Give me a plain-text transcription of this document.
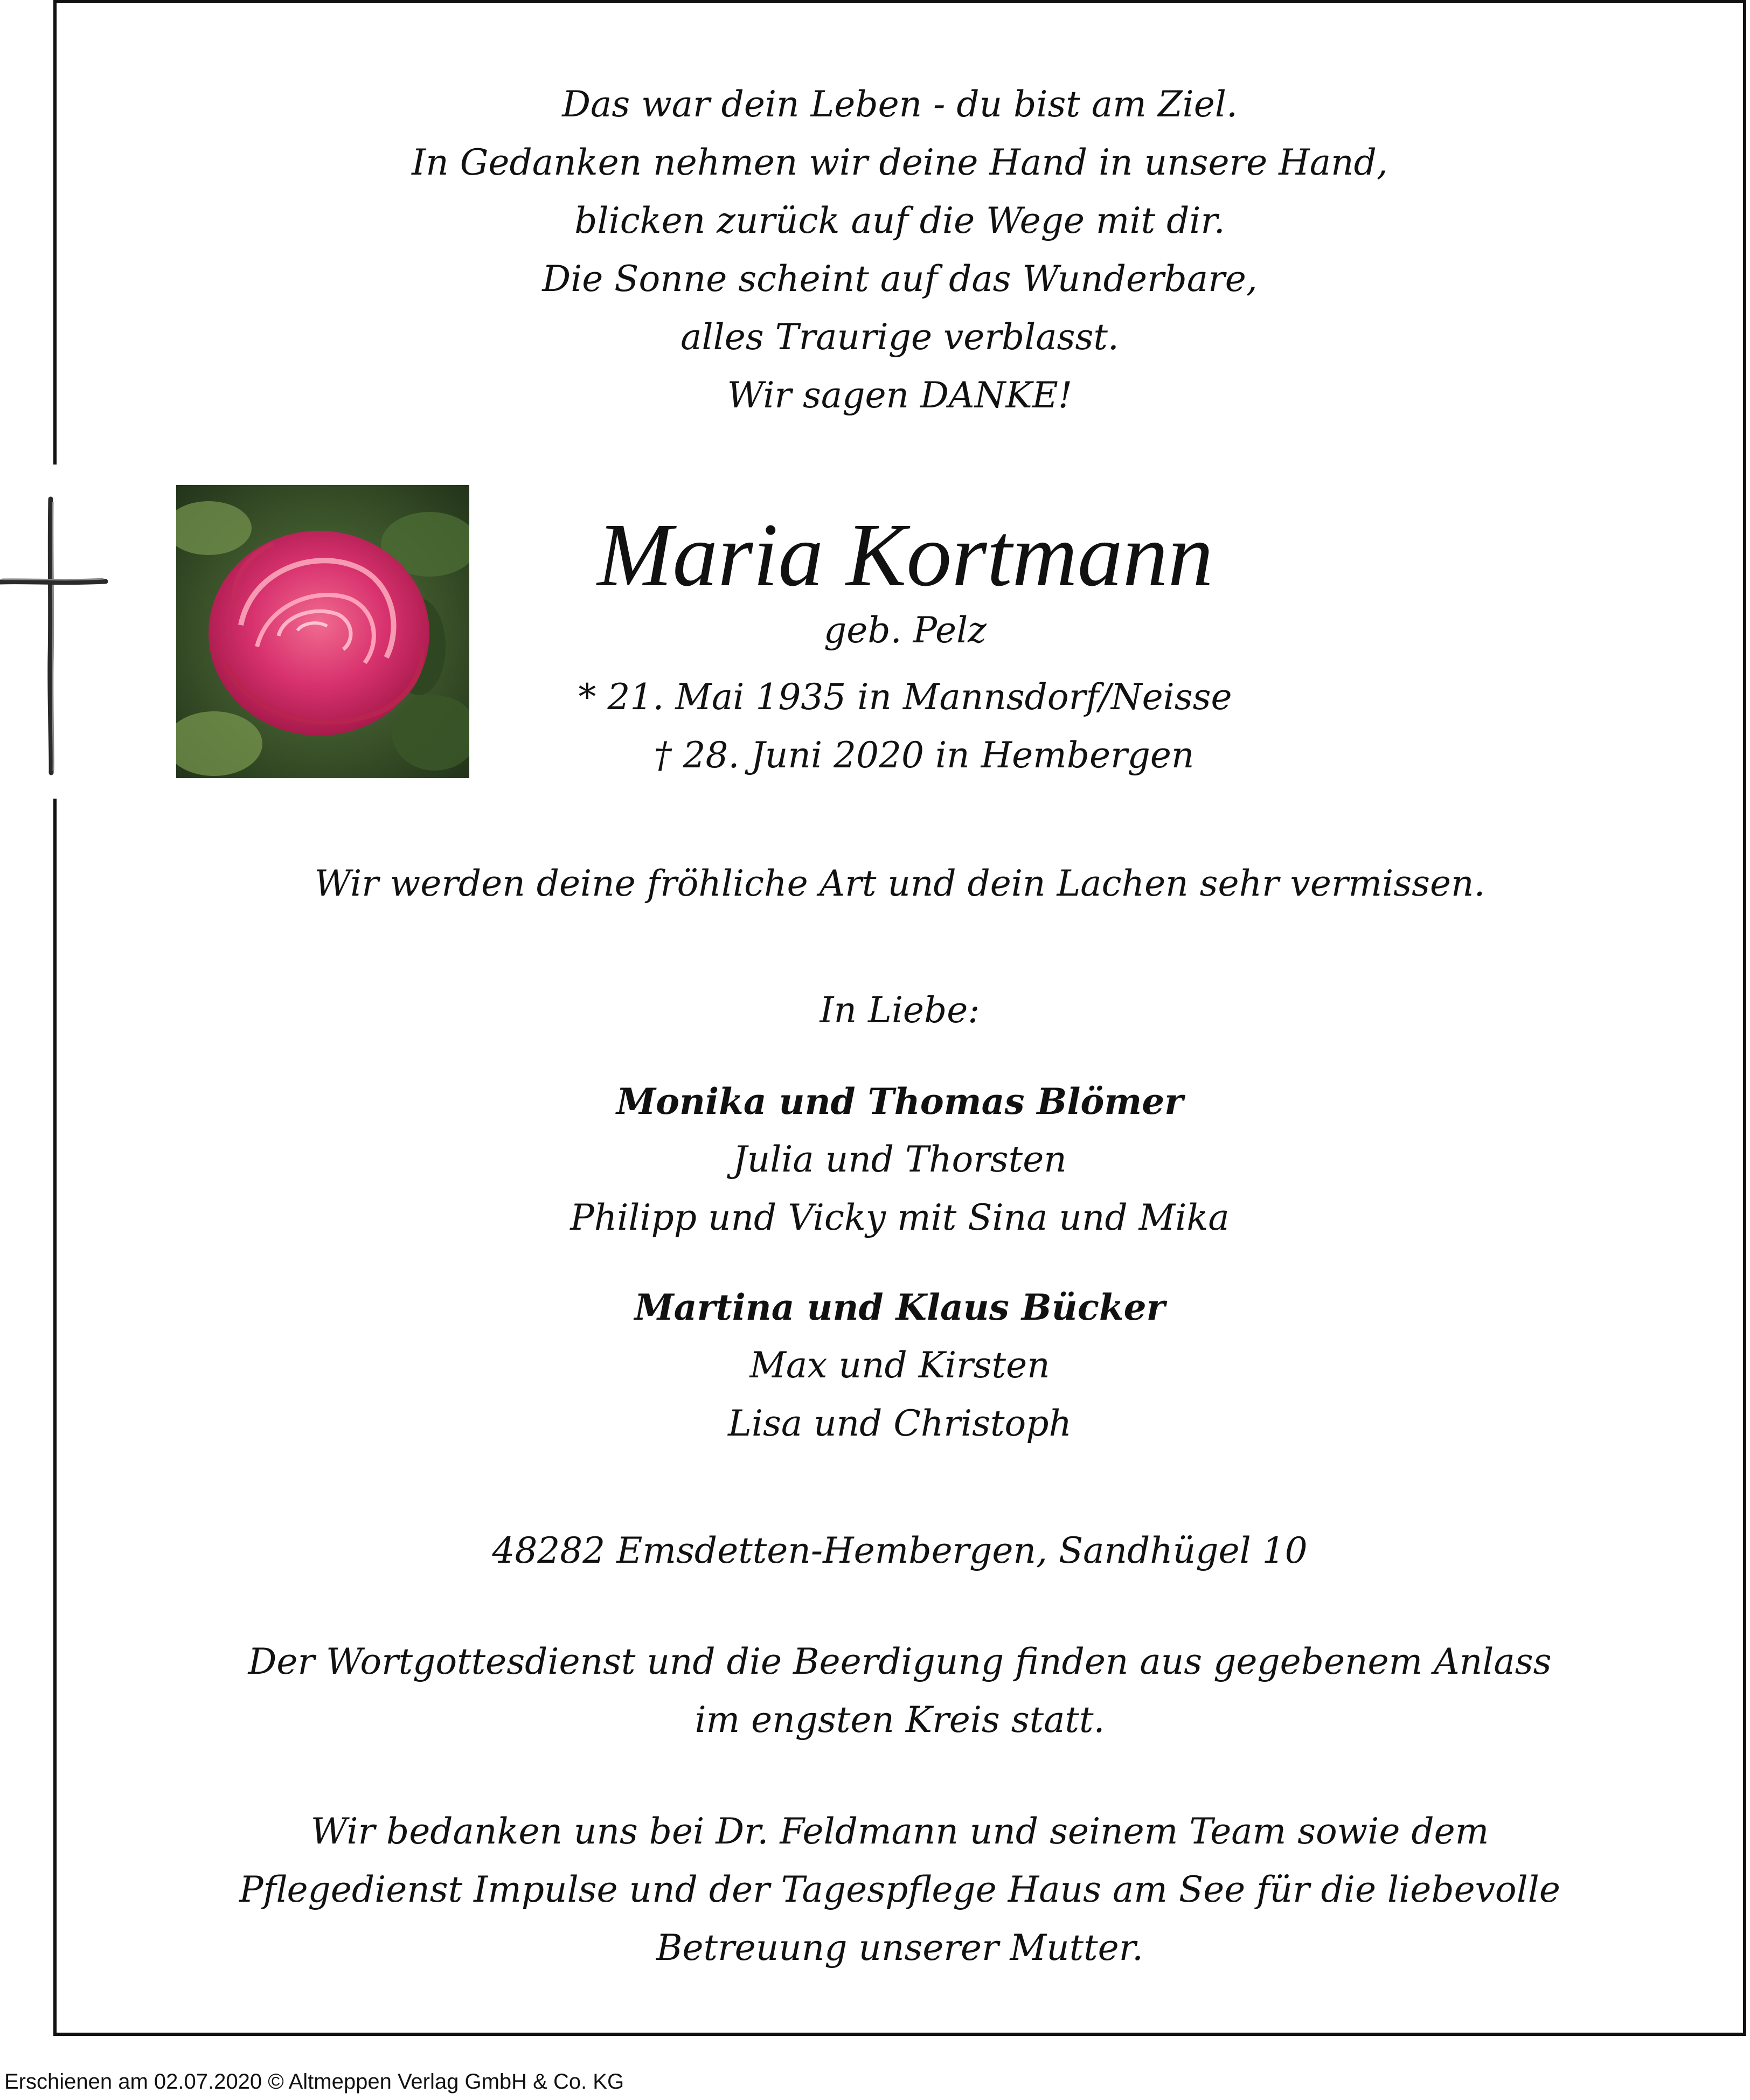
Das war dein Leben - du bist am Ziel.
In Gedanken nehmen wir deine Hand in unsere Hand,
blicken zurück auf die Wege mit dir.
Die Sonne scheint auf das Wunderbare,
alles Traurige verblasst.
Wir sagen DANKE!
Maria Kortmann
geb. Pelz
* 21. Mai 1935 in Mannsdorf/Neisse
† 28. Juni 2020 in Hembergen
Wir werden deine fröhliche Art und dein Lachen sehr vermissen.
In Liebe:
Monika und Thomas Blömer
Julia und Thorsten
Philipp und Vicky mit Sina und Mika
Martina und Klaus Bücker
Max und Kirsten
Lisa und Christoph
48282 Emsdetten-Hembergen, Sandhügel 10
Der Wortgottesdienst und die Beerdigung finden aus gegebenem Anlass
im engsten Kreis statt.
Wir bedanken uns bei Dr. Feldmann und seinem Team sowie dem
Pflegedienst Impulse und der Tagespflege Haus am See für die liebevolle
Betreuung unserer Mutter.
Erschienen am 02.07.2020 © Altmeppen Verlag GmbH & Co. KG
